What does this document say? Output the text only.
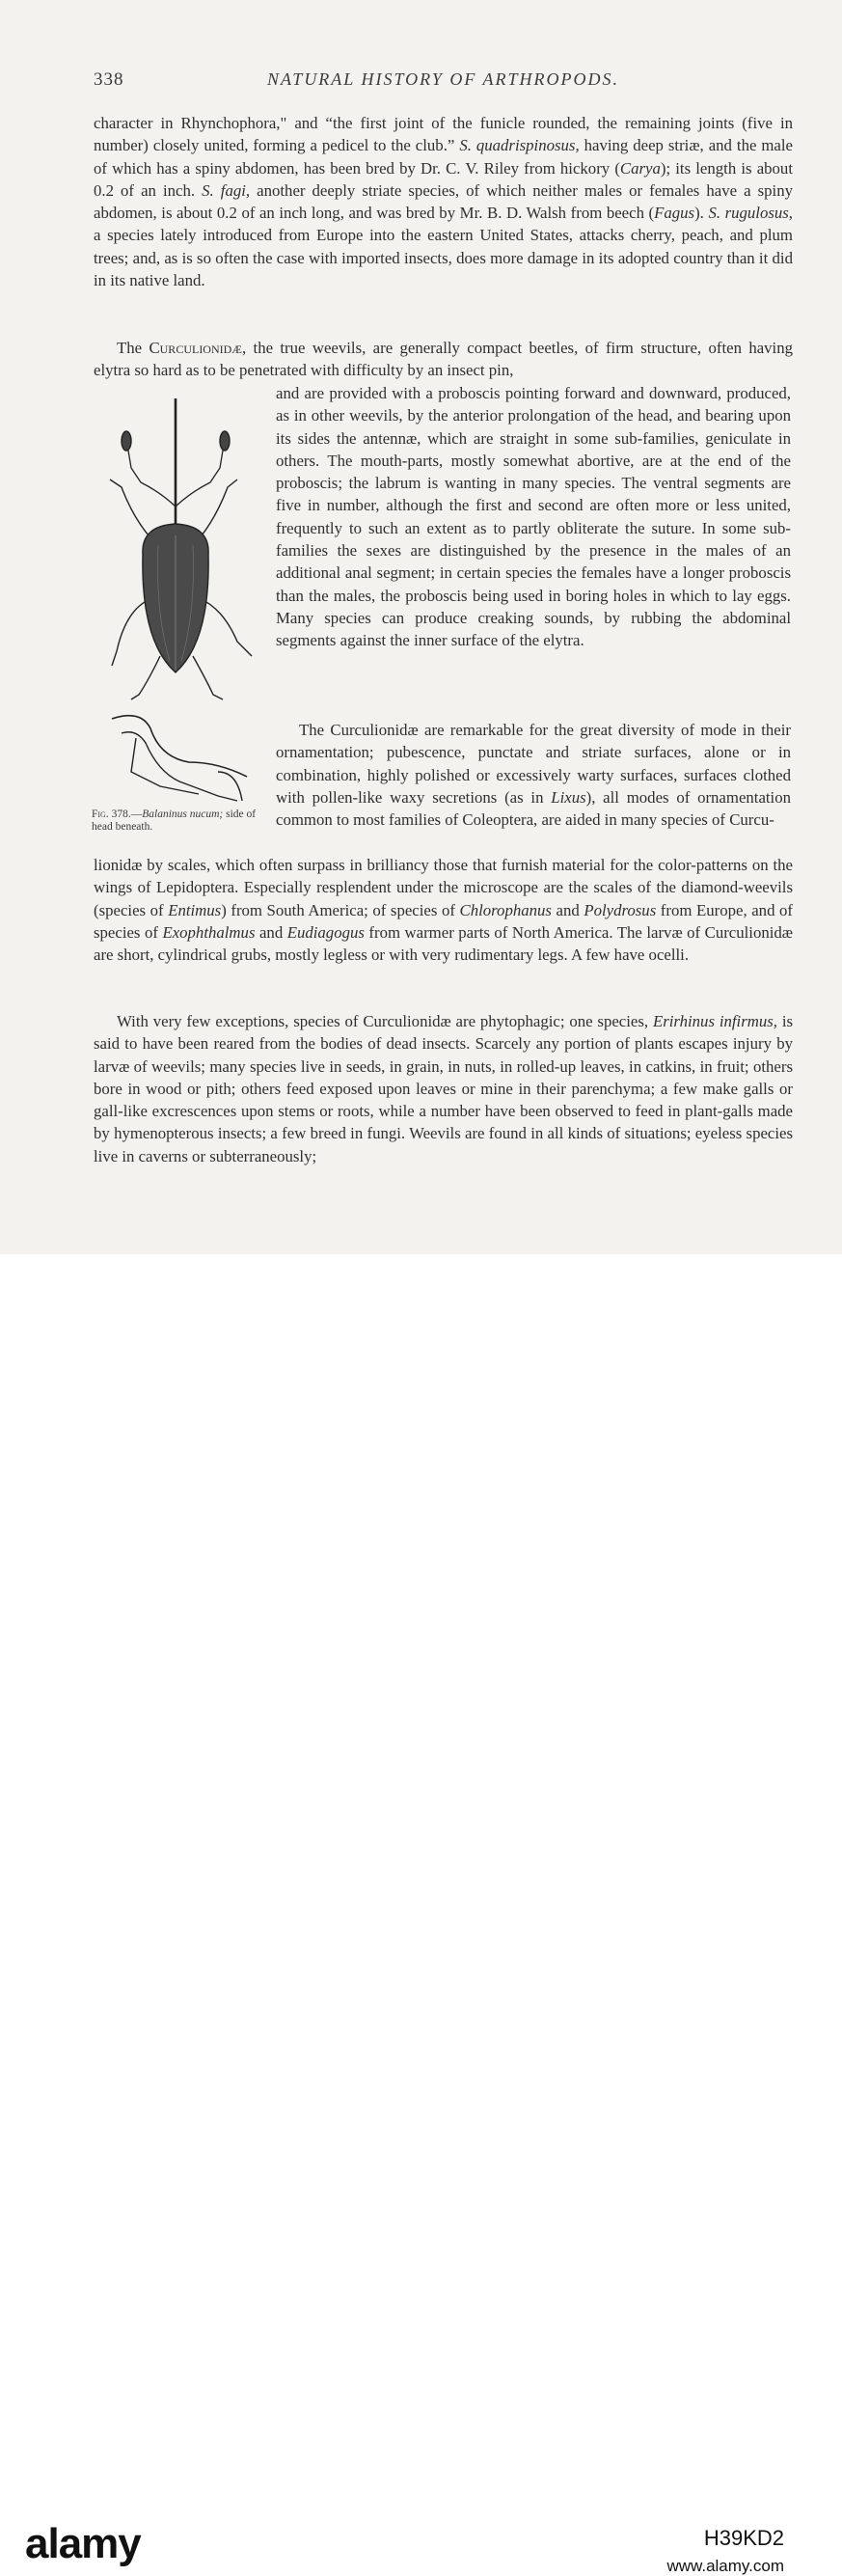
338	NATURAL HISTORY OF ARTHROPODS.

character in Rhynchophora," and “the first joint of the funicle rounded, the remaining joints (five in number) closely united, forming a pedicel to the club.” S. quadrispinosus, having deep striæ, and the male of which has a spiny abdomen, has been bred by Dr. C. V. Riley from hickory (Carya); its length is about 0.2 of an inch. S. fagi, another deeply striate species, of which neither males or females have a spiny abdomen, is about 0.2 of an inch long, and was bred by Mr. B. D. Walsh from beech (Fagus). S. rugulosus, a species lately introduced from Europe into the eastern United States, attacks cherry, peach, and plum trees; and, as is so often the case with imported insects, does more damage in its adopted country than it did in its native land.

The Curculionidæ, the true weevils, are generally compact beetles, of firm structure, often having elytra so hard as to be penetrated with difficulty by an insect pin,

and are provided with a proboscis pointing forward and downward, produced, as in other weevils, by the anterior prolongation of the head, and bearing upon its sides the antennæ, which are straight in some sub-families, geniculate in others. The mouth-parts, mostly somewhat abortive, are at the end of the proboscis; the labrum is wanting in many species. The ventral segments are five in number, although the first and second are often more or less united, frequently to such an extent as to partly obliterate the suture. In some sub-families the sexes are distinguished by the presence in the males of an additional anal segment; in certain species the females have a longer proboscis than the males, the proboscis being used in boring holes in which to lay eggs. Many species can produce creaking sounds, by rubbing the abdominal segments against the inner surface of the elytra.

The Curculionidæ are remarkable for the great diversity of mode in their ornamentation; pubescence, punctate and striate surfaces, alone or in combination, highly polished or excessively warty surfaces, surfaces clothed with pollen-like waxy secretions (as in Lixus), all modes of ornamentation common to most families of Coleoptera, are aided in many species of Curcu-

lionidæ by scales, which often surpass in brilliancy those that furnish material for the color-patterns on the wings of Lepidoptera. Especially resplendent under the microscope are the scales of the diamond-weevils (species of Entimus) from South America; of species of Chlorophanus and Polydrosus from Europe, and of species of Exophthalmus and Eudiagogus from warmer parts of North America. The larvæ of Curculionidæ are short, cylindrical grubs, mostly legless or with very rudimentary legs. A few have ocelli.

With very few exceptions, species of Curculionidæ are phytophagic; one species, Erirhinus infirmus, is said to have been reared from the bodies of dead insects. Scarcely any portion of plants escapes injury by larvæ of weevils; many species live in seeds, in grain, in nuts, in rolled-up leaves, in catkins, in fruit; others bore in wood or pith; others feed exposed upon leaves or mine in their parenchyma; a few make galls or gall-like excrescences upon stems or roots, while a number have been observed to feed in plant-galls made by hymenopterous insects; a few breed in fungi. Weevils are found in all kinds of situations; eyeless species live in caverns or subterraneously;

Fig. 378.—Balaninus nucum; side of head beneath.
alamy	H39KD2
www.alamy.com
